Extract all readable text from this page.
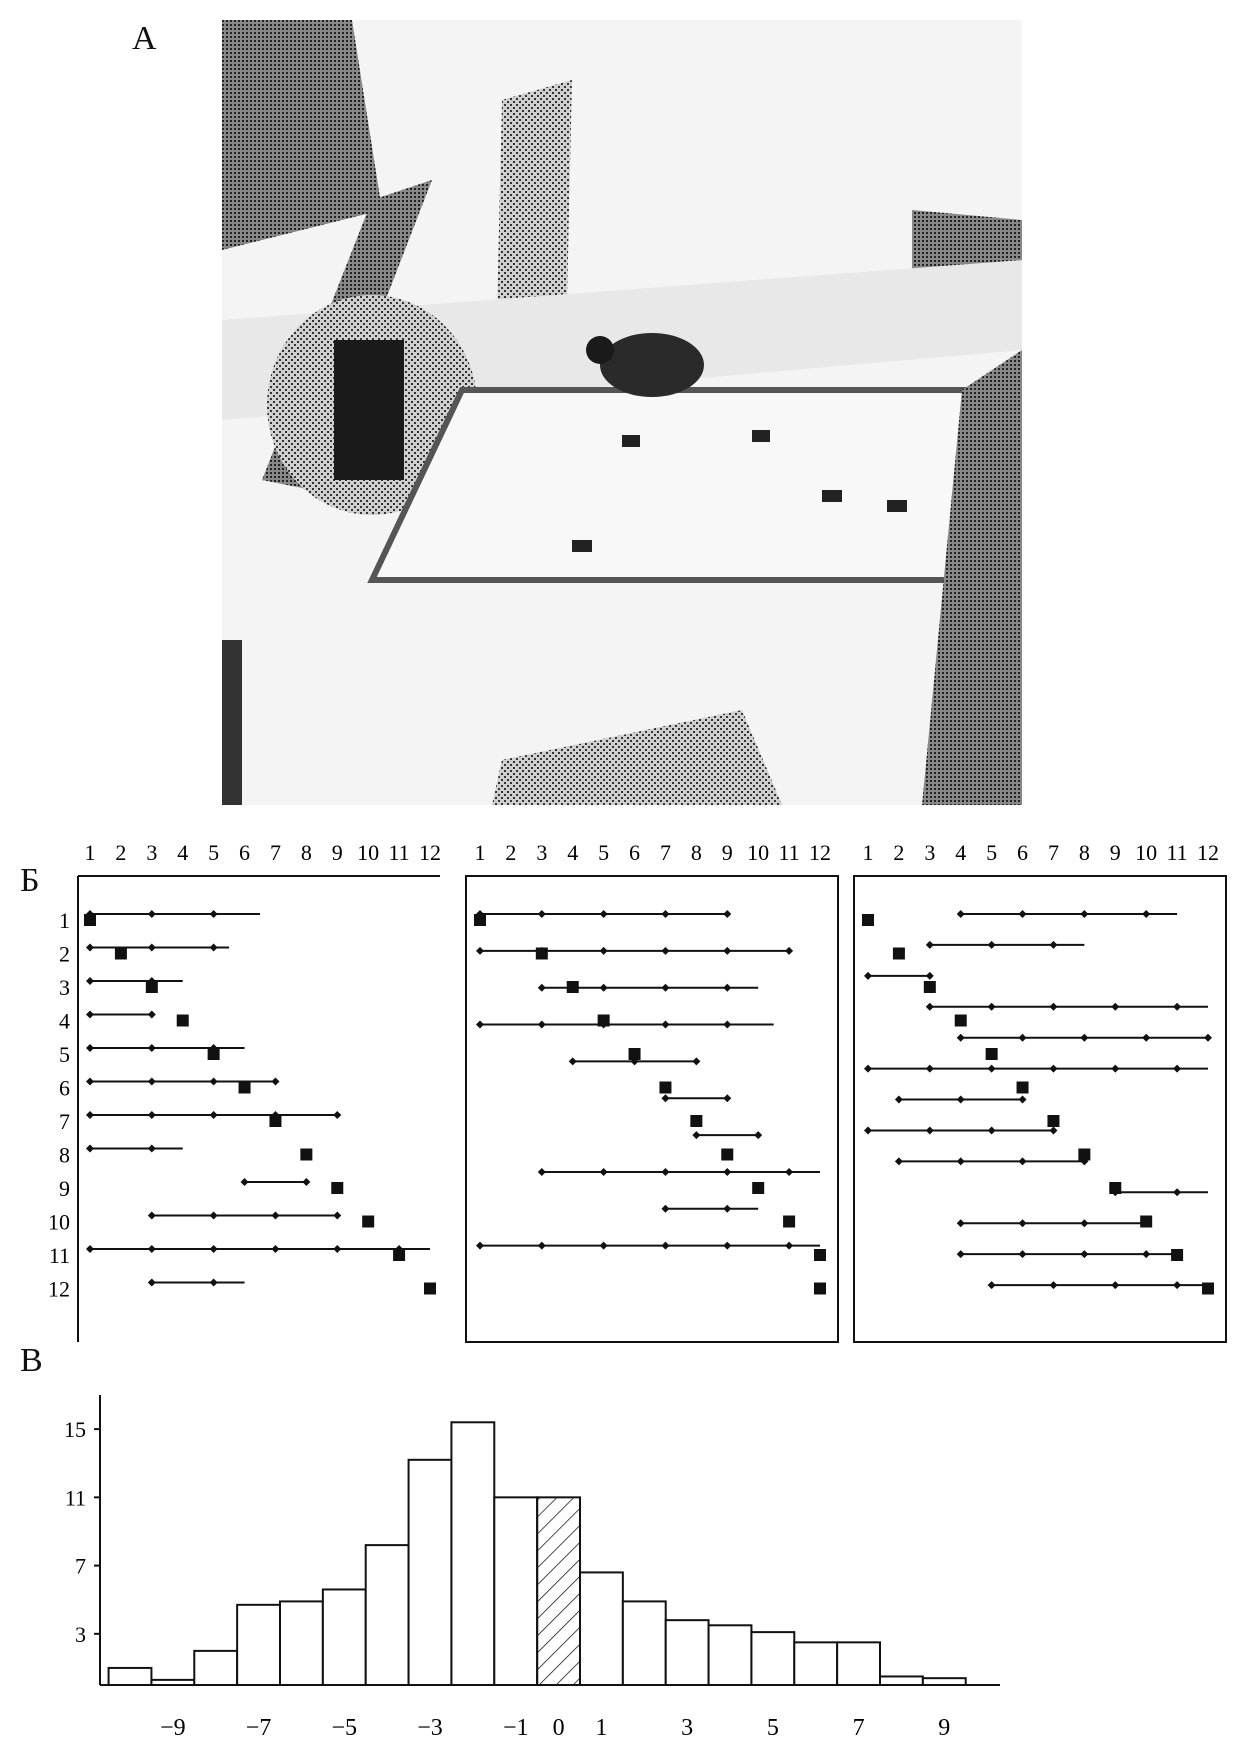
А
Б
В
1 2 3 4 5 6 7 8 9 10 11 12
1
2
3
4
5
6
7
8
9
10
11
12
1 2 3 4 5 6 7 8 9 10 11 12 1 2 3 4 5 6 7 8 9 10 11 12
3
7
11
15
−9	−7	−5	−3	−1 0 1	3	5	7	9
